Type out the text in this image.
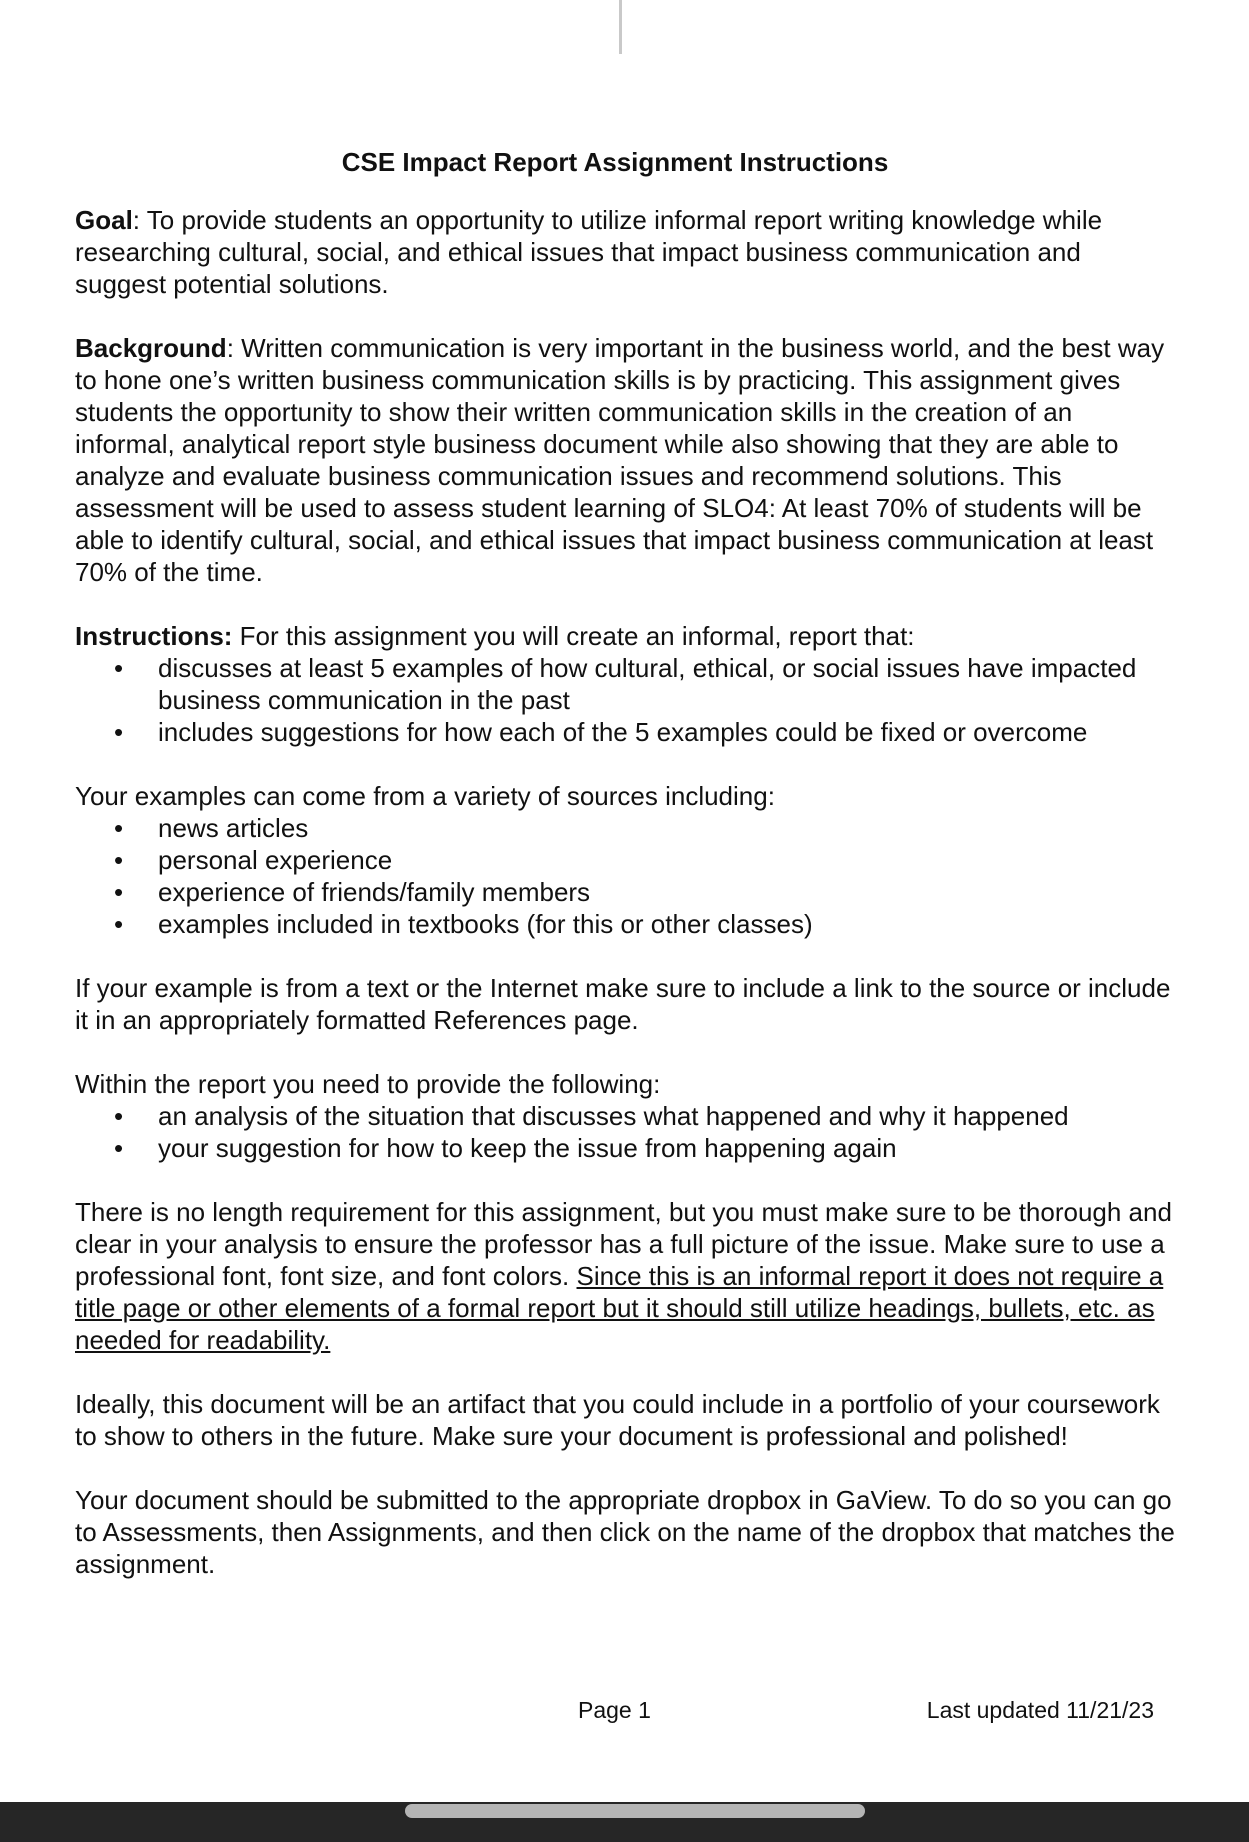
CSE Impact Report Assignment Instructions

Goal: To provide students an opportunity to utilize informal report writing knowledge while researching cultural, social, and ethical issues that impact business communication and suggest potential solutions.

Background: Written communication is very important in the business world, and the best way to hone one’s written business communication skills is by practicing. This assignment gives students the opportunity to show their written communication skills in the creation of an informal, analytical report style business document while also showing that they are able to analyze and evaluate business communication issues and recommend solutions. This assessment will be used to assess student learning of SLO4: At least 70% of students will be able to identify cultural, social, and ethical issues that impact business communication at least 70% of the time.

Instructions: For this assignment you will create an informal, report that:

• discusses at least 5 examples of how cultural, ethical, or social issues have impacted business communication in the past
• includes suggestions for how each of the 5 examples could be fixed or overcome

Your examples can come from a variety of sources including:

• news articles
• personal experience
• experience of friends/family members
• examples included in textbooks (for this or other classes)

If your example is from a text or the Internet make sure to include a link to the source or include it in an appropriately formatted References page.

Within the report you need to provide the following:

• an analysis of the situation that discusses what happened and why it happened
• your suggestion for how to keep the issue from happening again

There is no length requirement for this assignment, but you must make sure to be thorough and clear in your analysis to ensure the professor has a full picture of the issue. Make sure to use a professional font, font size, and font colors. Since this is an informal report it does not require a title page or other elements of a formal report but it should still utilize headings, bullets, etc. as needed for readability.

Ideally, this document will be an artifact that you could include in a portfolio of your coursework to show to others in the future. Make sure your document is professional and polished!

Your document should be submitted to the appropriate dropbox in GaView. To do so you can go to Assessments, then Assignments, and then click on the name of the dropbox that matches the assignment.

Page 1	Last updated 11/21/23
